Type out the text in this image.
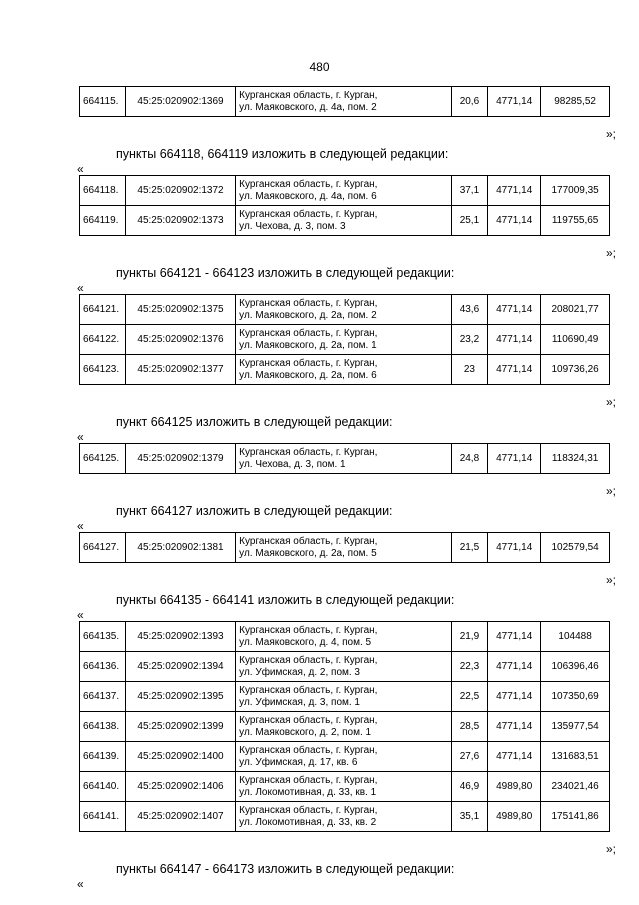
480
664115.	45:25:020902:1369	
Курганская область, г. Курган,
ул. Маяковского, д. 4а, пом. 2
	20,6	4771,14	98285,52
»;
пункты 664118, 664119 изложить в следующей редакции:
«
664118.	45:25:020902:1372	Курганская область, г. Курган,
ул. Маяковского, д. 4а, пом. 6	37,1	4771,14	177009,35
664119.	45:25:020902:1373	Курганская область, г. Курган,
ул. Чехова, д. 3, пом. 3	25,1	4771,14	119755,65
»;
пункты 664121 - 664123 изложить в следующей редакции:
«
664121.	45:25:020902:1375	Курганская область, г. Курган,
ул. Маяковского, д. 2а, пом. 2	43,6	4771,14	208021,77
664122.	45:25:020902:1376	Курганская область, г. Курган,
ул. Маяковского, д. 2а, пом. 1	23,2	4771,14	110690,49
664123.	45:25:020902:1377	Курганская область, г. Курган,
ул. Маяковского, д. 2а, пом. 6	23	4771,14	109736,26
»;
пункт 664125 изложить в следующей редакции:
«
664125.	45:25:020902:1379	
Курганская область, г. Курган,
ул. Чехова, д. 3, пом. 1
	24,8	4771,14	118324,31
»;
пункт 664127 изложить в следующей редакции:
«
664127.	45:25:020902:1381	
Курганская область, г. Курган,
ул. Маяковского, д. 2а, пом. 5
	21,5	4771,14	102579,54
»;
пункты 664135 - 664141 изложить в следующей редакции:
«
664135.	45:25:020902:1393	Курганская область, г. Курган,
ул. Маяковского, д. 4, пом. 5	21,9	4771,14	104488
664136.	45:25:020902:1394	Курганская область, г. Курган,
ул. Уфимская, д. 2, пом. 3	22,3	4771,14	106396,46
664137.	45:25:020902:1395	Курганская область, г. Курган,
ул. Уфимская, д. 3, пом. 1	22,5	4771,14	107350,69
664138.	45:25:020902:1399	Курганская область, г. Курган,
ул. Маяковского, д. 2, пом. 1	28,5	4771,14	135977,54
664139.	45:25:020902:1400	Курганская область, г. Курган,
ул. Уфимская, д. 17, кв. 6	27,6	4771,14	131683,51
664140.	45:25:020902:1406	Курганская область, г. Курган,
ул. Локомотивная, д. 33, кв. 1	46,9	4989,80	234021,46
664141.	45:25:020902:1407	Курганская область, г. Курган,
ул. Локомотивная, д. 33, кв. 2	35,1	4989,80	175141,86
»;
пункты 664147 - 664173 изложить в следующей редакции:
«
